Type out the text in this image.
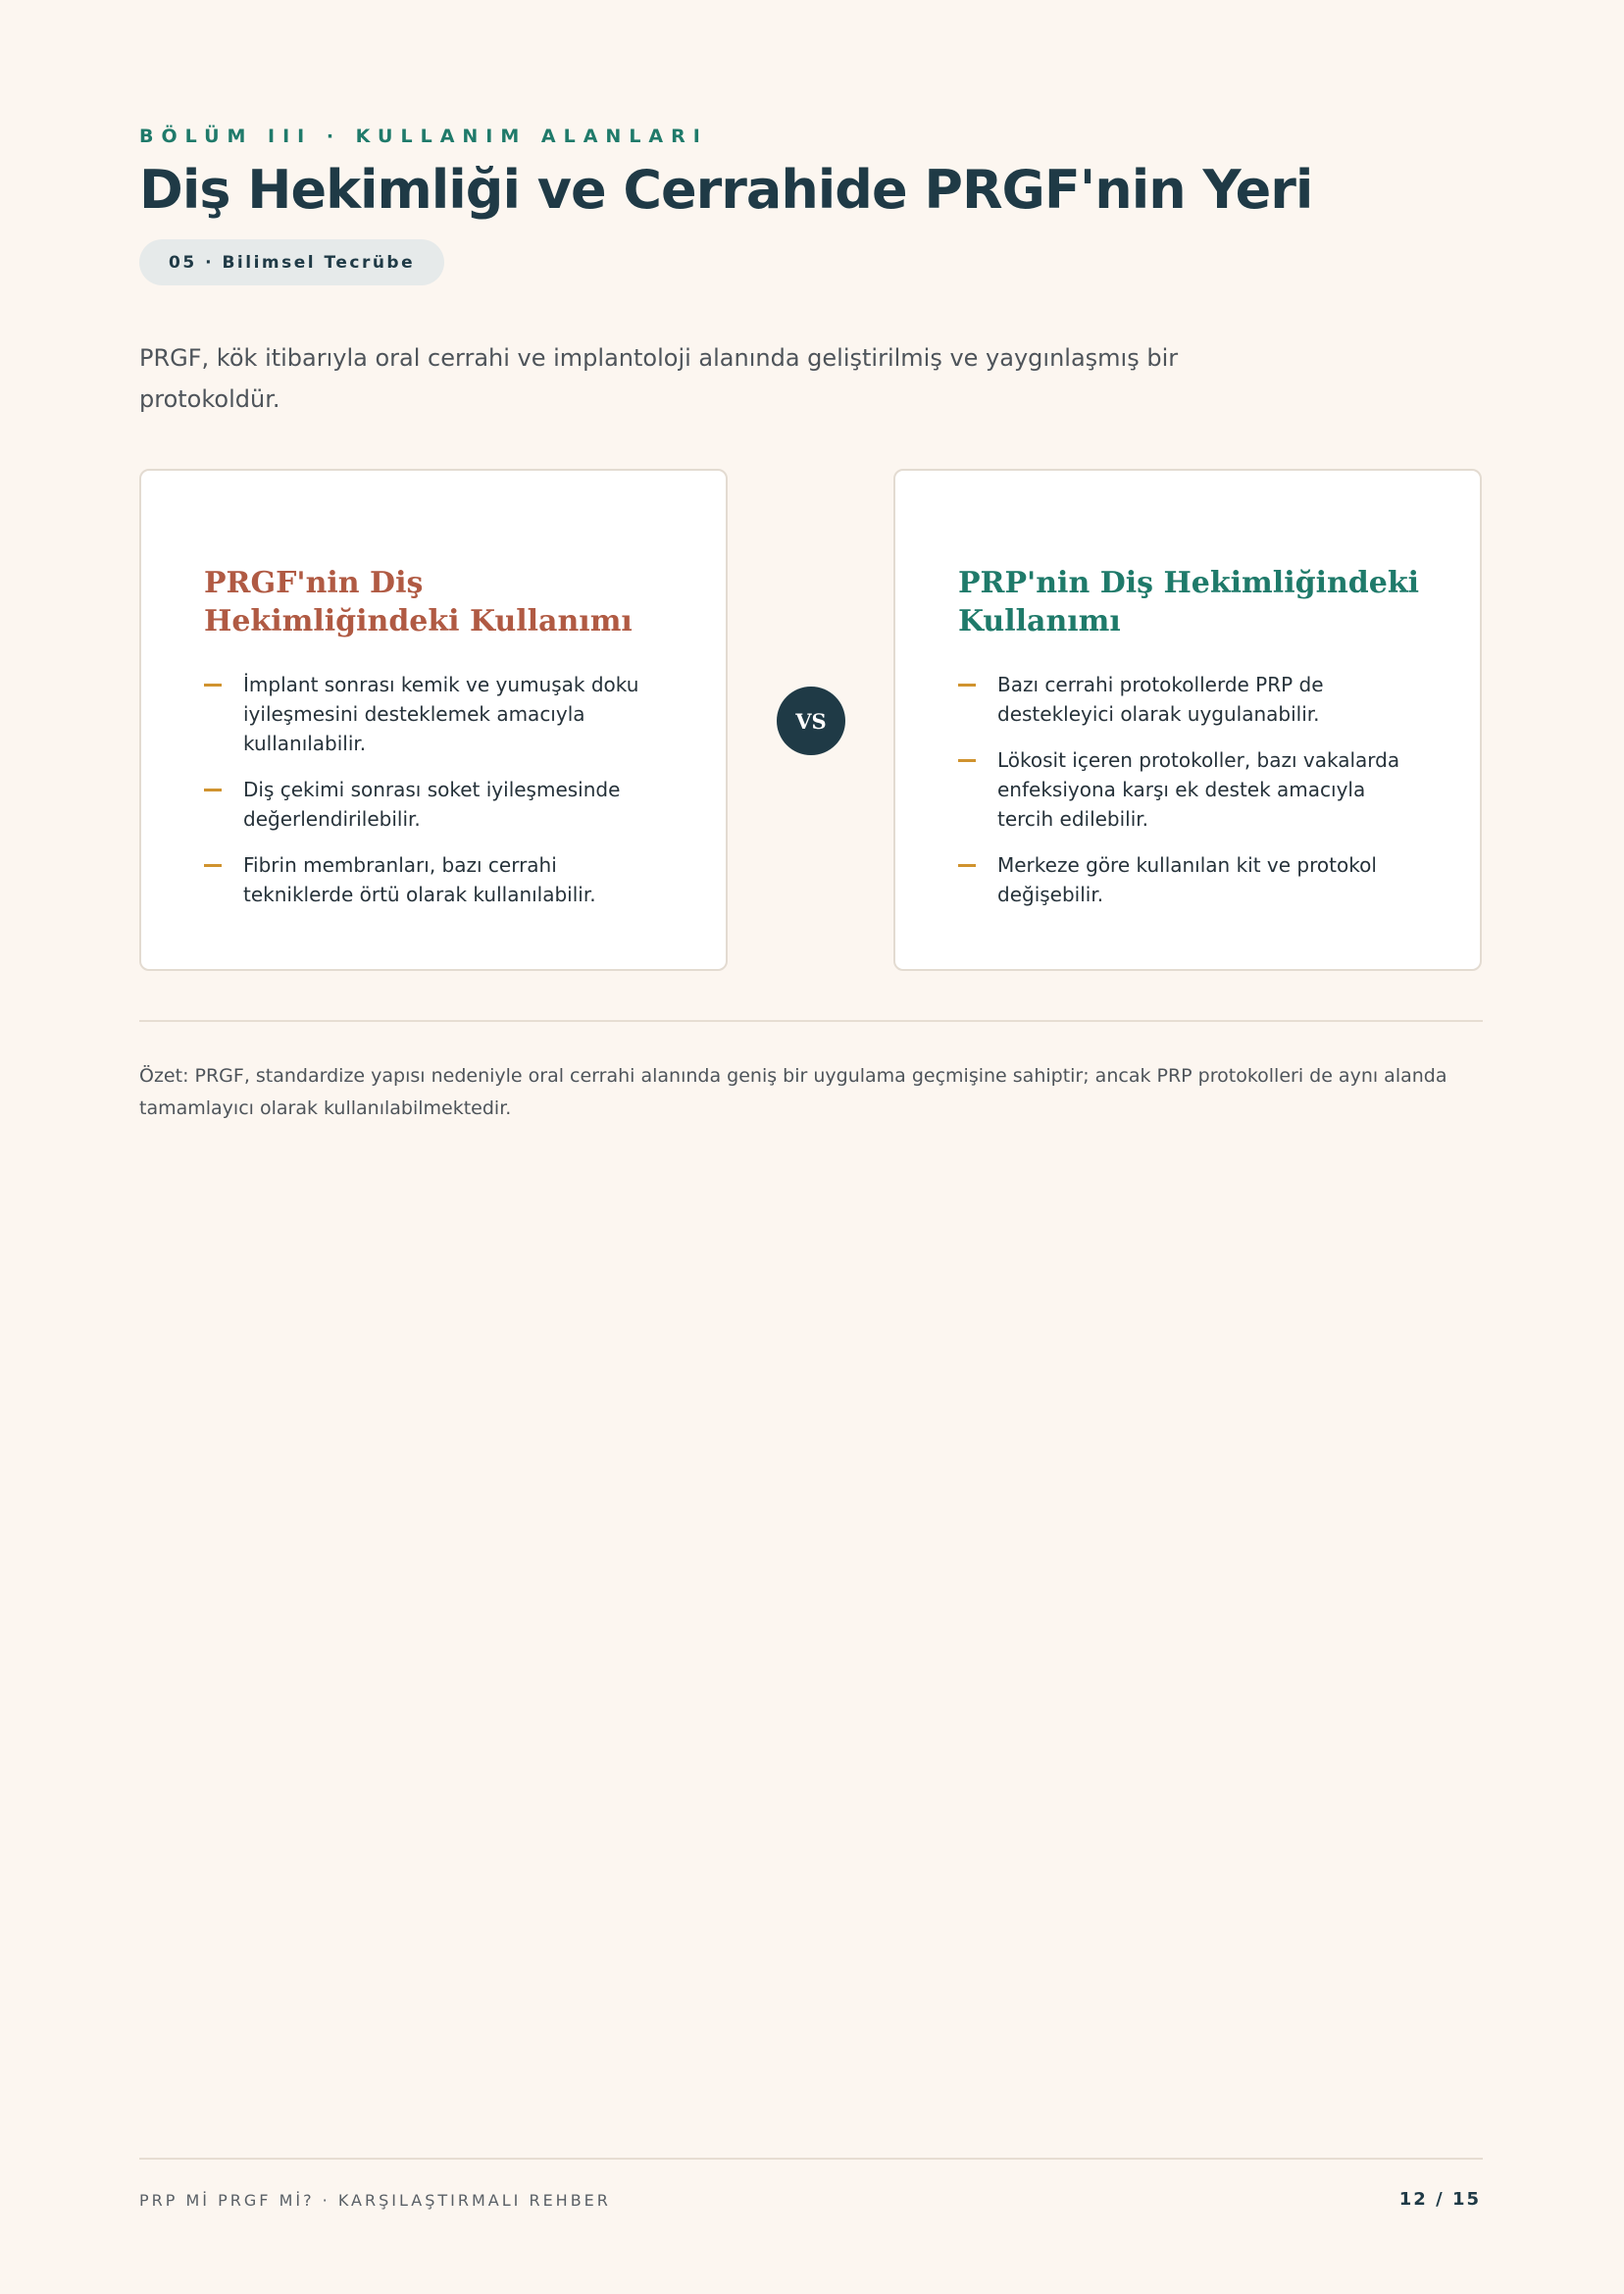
BÖLÜM III · KULLANIM ALANLARI
Diş Hekimliği ve Cerrahide PRGF'nin Yeri
05 · Bilimsel Tecrübe

PRGF, kök itibarıyla oral cerrahi ve implantoloji alanında geliştirilmiş ve yaygınlaşmış bir protokoldür.

PRGF'nin Diş Hekimliğindeki Kullanımı
İmplant sonrası kemik ve yumuşak doku iyileşmesini desteklemek amacıyla kullanılabilir.
Diş çekimi sonrası soket iyileşmesinde değerlendirilebilir.
Fibrin membranları, bazı cerrahi tekniklerde örtü olarak kullanılabilir.
VS
PRP'nin Diş Hekimliğindeki Kullanımı
Bazı cerrahi protokollerde PRP de destekleyici olarak uygulanabilir.
Lökosit içeren protokoller, bazı vakalarda enfeksiyona karşı ek destek amacıyla tercih edilebilir.
Merkeze göre kullanılan kit ve protokol değişebilir.

Özet: PRGF, standardize yapısı nedeniyle oral cerrahi alanında geniş bir uygulama geçmişine sahiptir; ancak PRP protokolleri de aynı alanda tamamlayıcı olarak kullanılabilmektedir.

PRP Mİ PRGF Mİ? · KARŞILAŞTIRMALI REHBER	12 / 15
